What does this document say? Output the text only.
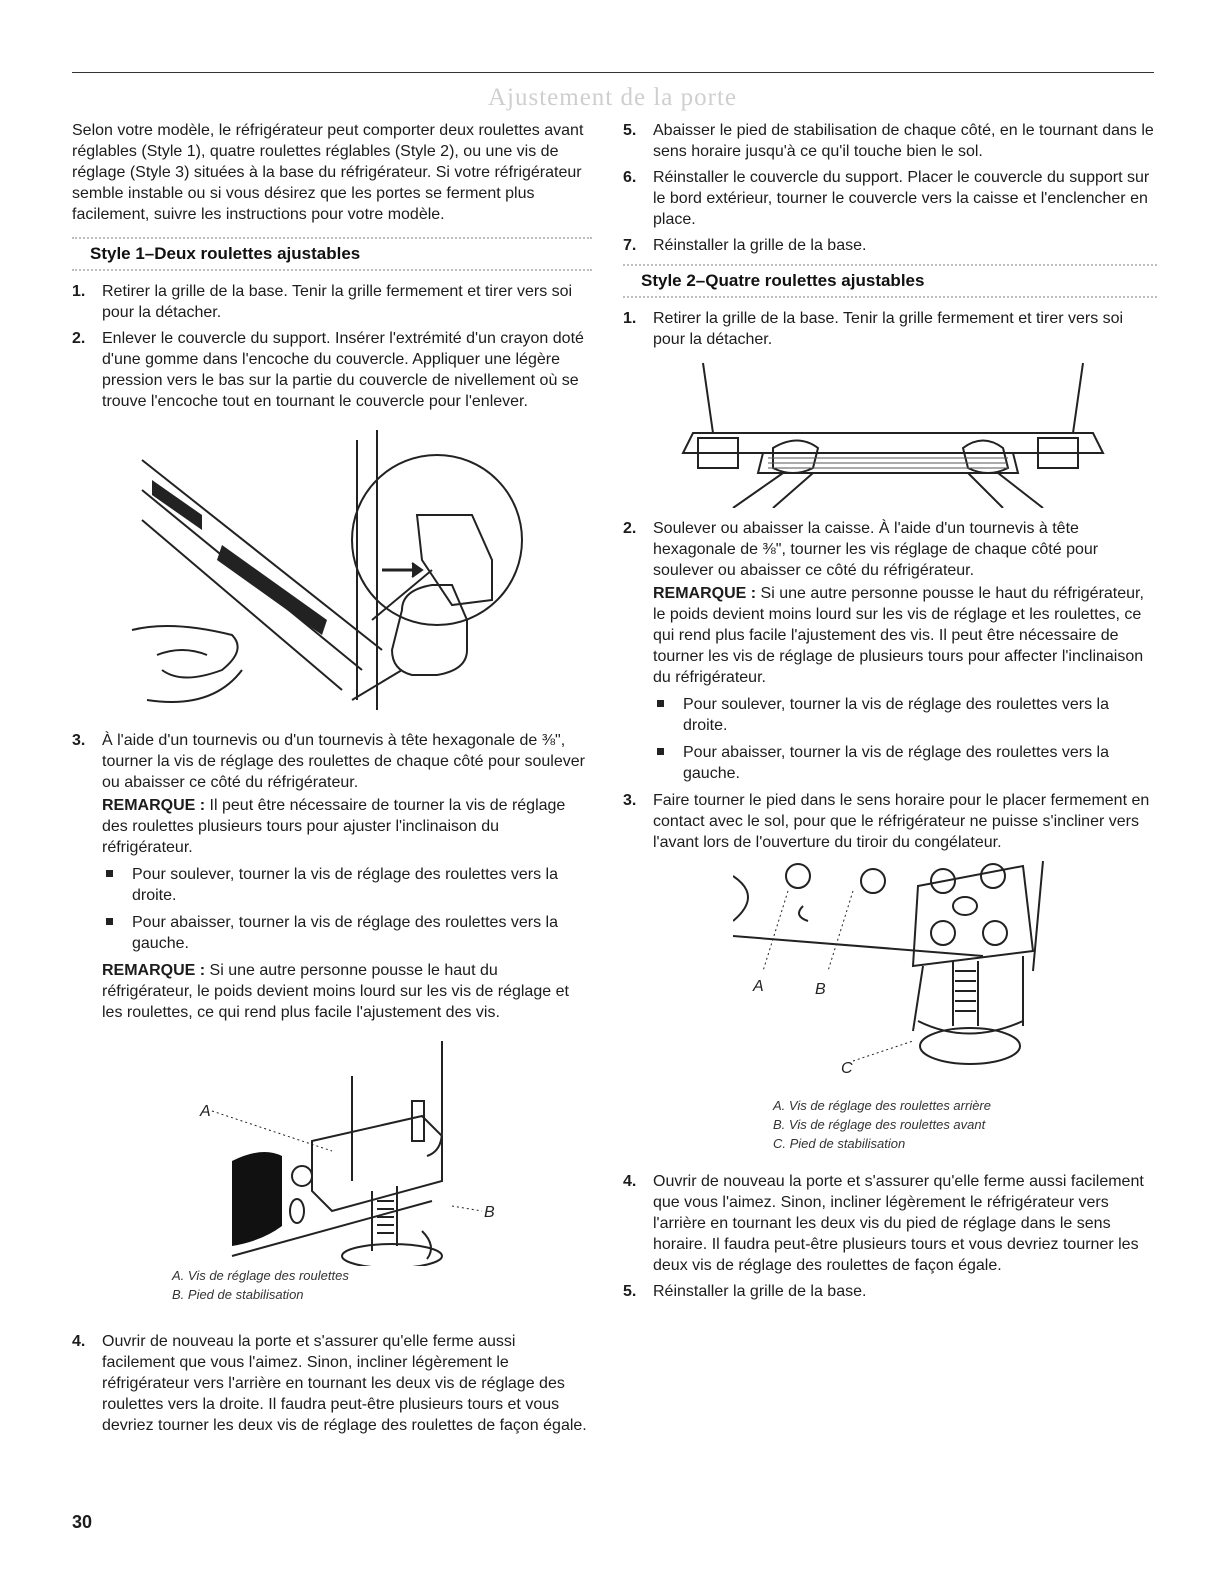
Ajustement de la porte

Selon votre modèle, le réfrigérateur peut comporter deux roulettes avant réglables (Style 1), quatre roulettes réglables (Style 2), ou une vis de réglage (Style 3) situées à la base du réfrigérateur. Si votre réfrigérateur semble instable ou si vous désirez que les portes se ferment plus facilement, suivre les instructions pour votre modèle.

Style 1–Deux roulettes ajustables
1. Retirer la grille de la base. Tenir la grille fermement et tirer vers soi pour la détacher.
2. Enlever le couvercle du support. Insérer l'extrémité d'un crayon doté d'une gomme dans l'encoche du couvercle. Appliquer une légère pression vers le bas sur la partie du couvercle de nivellement où se trouve l'encoche tout en tournant le couvercle pour l'enlever.
3. À l'aide d'un tournevis ou d'un tournevis à tête hexagonale de ⅜", tourner la vis de réglage des roulettes de chaque côté pour soulever ou abaisser ce côté du réfrigérateur.

REMARQUE : Il peut être nécessaire de tourner la vis de réglage des roulettes plusieurs tours pour ajuster l'inclinaison du réfrigérateur.

Pour soulever, tourner la vis de réglage des roulettes vers la droite.
Pour abaisser, tourner la vis de réglage des roulettes vers la gauche.

REMARQUE : Si une autre personne pousse le haut du réfrigérateur, le poids devient moins lourd sur les vis de réglage et les roulettes, ce qui rend plus facile l'ajustement des vis.

A
B
A. Vis de réglage des roulettes
B. Pied de stabilisation
4. Ouvrir de nouveau la porte et s'assurer qu'elle ferme aussi facilement que vous l'aimez. Sinon, incliner légèrement le réfrigérateur vers l'arrière en tournant les deux vis de réglage des roulettes vers la droite. Il faudra peut-être plusieurs tours et vous devriez tourner les deux vis de réglage des roulettes de façon égale.
5. Abaisser le pied de stabilisation de chaque côté, en le tournant dans le sens horaire jusqu'à ce qu'il touche bien le sol.
6. Réinstaller le couvercle du support. Placer le couvercle du support sur le bord extérieur, tourner le couvercle vers la caisse et l'enclencher en place.
7. Réinstaller la grille de la base.
Style 2–Quatre roulettes ajustables
1. Retirer la grille de la base. Tenir la grille fermement et tirer vers soi pour la détacher.
2. Soulever ou abaisser la caisse. À l'aide d'un tournevis à tête hexagonale de ⅜", tourner les vis réglage de chaque côté pour soulever ou abaisser ce côté du réfrigérateur.

REMARQUE : Si une autre personne pousse le haut du réfrigérateur, le poids devient moins lourd sur les vis de réglage et les roulettes, ce qui rend plus facile l'ajustement des vis. Il peut être nécessaire de tourner les vis de réglage de plusieurs tours pour affecter l'inclinaison du réfrigérateur.

Pour soulever, tourner la vis de réglage des roulettes vers la droite.
Pour abaisser, tourner la vis de réglage des roulettes vers la gauche.
3. Faire tourner le pied dans le sens horaire pour le placer fermement en contact avec le sol, pour que le réfrigérateur ne puisse s'incliner vers l'avant lors de l'ouverture du tiroir du congélateur.
A	B
C
A. Vis de réglage des roulettes arrière
B. Vis de réglage des roulettes avant
C. Pied de stabilisation
4. Ouvrir de nouveau la porte et s'assurer qu'elle ferme aussi facilement que vous l'aimez. Sinon, incliner légèrement le réfrigérateur vers l'arrière en tournant les deux vis du pied de réglage dans le sens horaire. Il faudra peut-être plusieurs tours et vous devriez tourner les deux vis de réglage des roulettes de façon égale.
5. Réinstaller la grille de la base.
30
